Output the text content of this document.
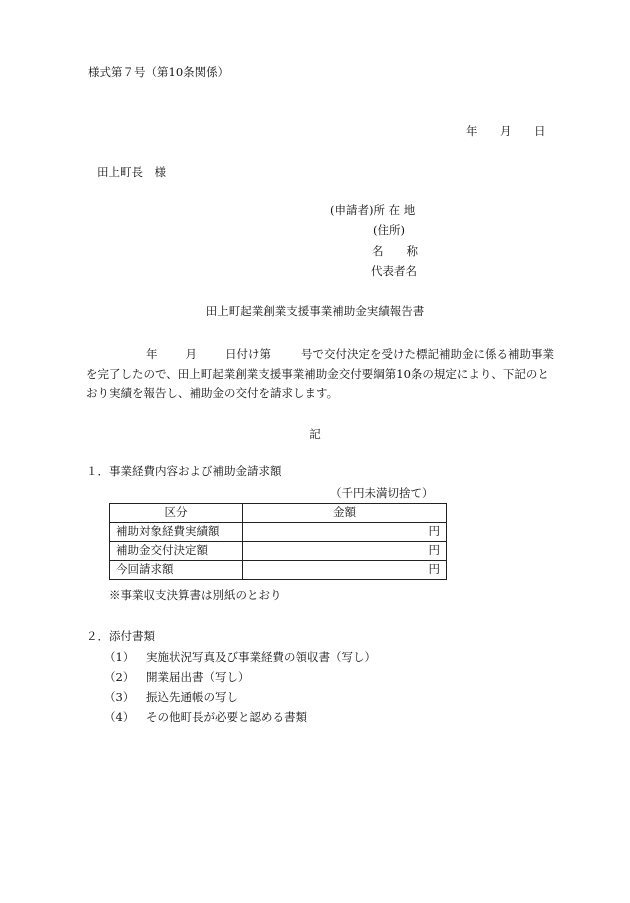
様式第７号（第10条関係）
年 月 日
田上町長　様
(申請者)所 在 地
(住所)
名　　称
代表者名
田上町起業創業支援事業補助金実績報告書
年 月 日付け第	号で交付決定を受けた標記補助金に係る補助事業
を完了したので、田上町起業創業支援事業補助金交付要綱第10条の規定により、下記のと
おり実績を報告し、補助金の交付を請求します。
記
１．事業経費内容および補助金請求額
（千円未満切捨て）
区分	金額
補助対象経費実績額	円
補助金交付決定額	円
今回請求額	円
※事業収支決算書は別紙のとおり
２．添付書類
（1） 実施状況写真及び事業経費の領収書（写し）
（2） 開業届出書（写し）
（3） 振込先通帳の写し
（4） その他町長が必要と認める書類
